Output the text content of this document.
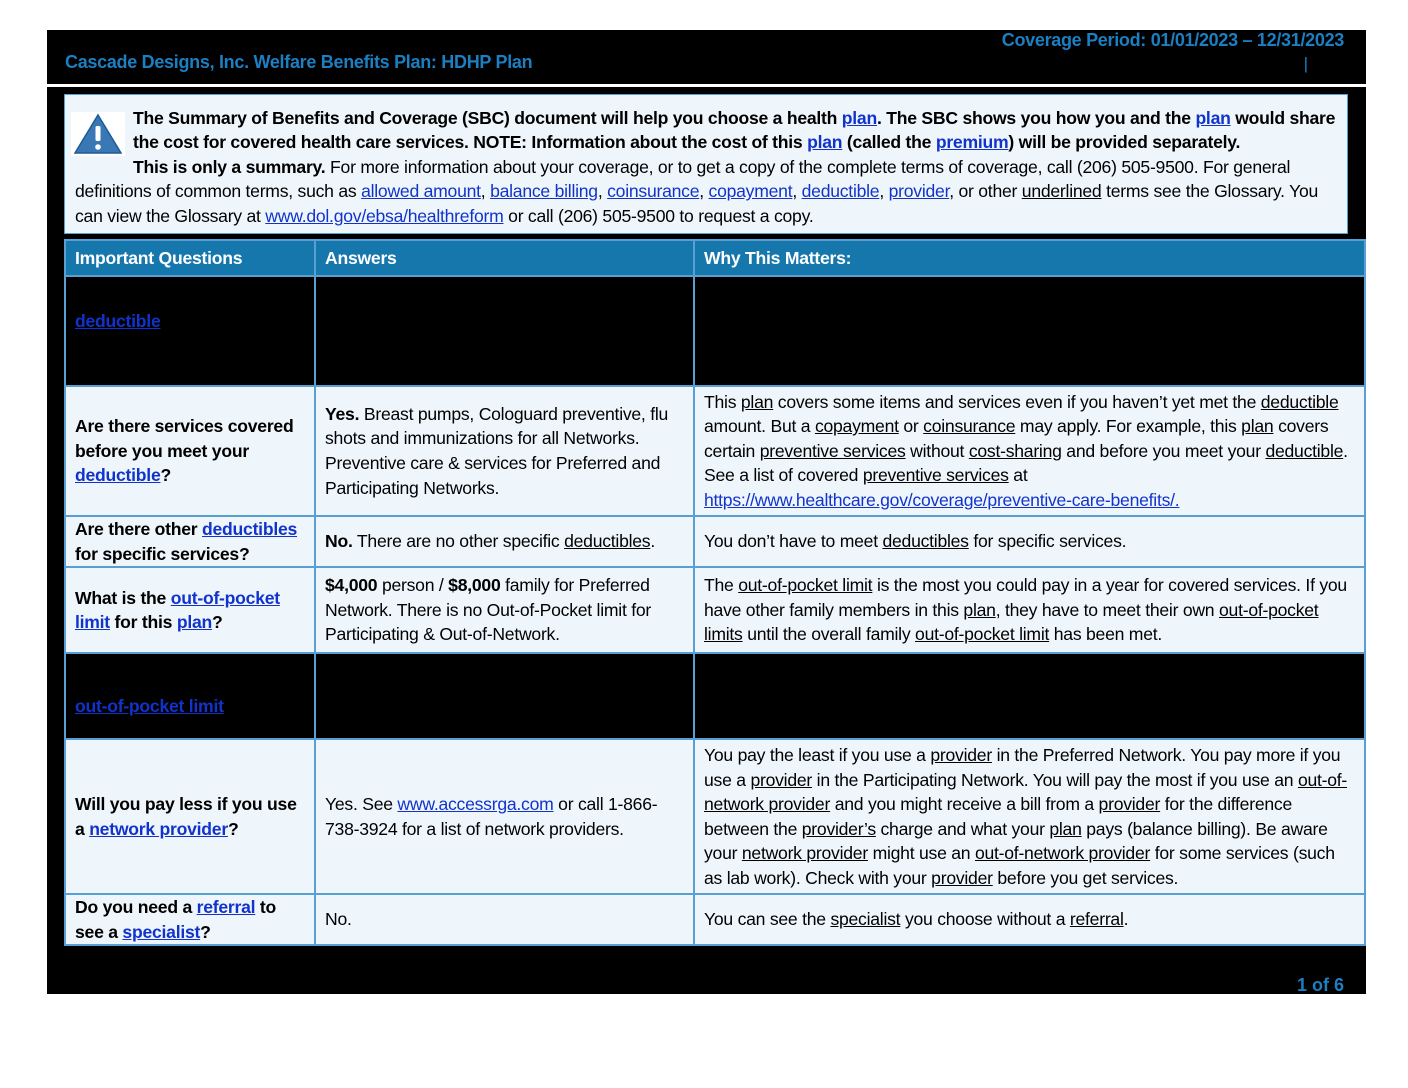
Cascade Designs, Inc. Welfare Benefits Plan: HDHP Plan
Coverage Period: 01/01/2023 – 12/31/2023
|
The Summary of Benefits and Coverage (SBC) document will help you choose a health plan. The SBC shows you how you and the plan would share the cost for covered health care services. NOTE: Information about the cost of this plan (called the premium) will be provided separately.
This is only a summary. For more information about your coverage, or to get a copy of the complete terms of coverage, call (206) 505-9500. For general definitions of common terms, such as allowed amount, balance billing, coinsurance, copayment, deductible, provider, or other underlined terms see the Glossary. You can view the Glossary at www.dol.gov/ebsa/healthreform or call (206) 505-9500 to request a copy.
Important Questions	Answers	Why This Matters:
deductible		
Are there services covered before you meet your deductible?	Yes. Breast pumps, Cologuard preventive, flu shots and immunizations for all Networks. Preventive care & services for Preferred and Participating Networks.	This plan covers some items and services even if you haven’t yet met the deductible amount. But a copayment or coinsurance may apply. For example, this plan covers certain preventive services without cost-sharing and before you meet your deductible. See a list of covered preventive services at https://www.healthcare.gov/coverage/preventive-care-benefits/.
Are there other deductibles for specific services?	No. There are no other specific deductibles.	You don’t have to meet deductibles for specific services.
What is the out-of-pocket limit for this plan?	$4,000 person / $8,000 family for Preferred Network. There is no Out-of-Pocket limit for Participating & Out-of-Network.	The out-of-pocket limit is the most you could pay in a year for covered services. If you have other family members in this plan, they have to meet their own out-of-pocket limits until the overall family out-of-pocket limit has been met.
out-of-pocket limit		
Will you pay less if you use a network provider?	Yes. See www.accessrga.com or call 1-866-738-3924 for a list of network providers.	You pay the least if you use a provider in the Preferred Network. You pay more if you use a provider in the Participating Network. You will pay the most if you use an out-of-network provider and you might receive a bill from a provider for the difference between the provider’s charge and what your plan pays (balance billing). Be aware your network provider might use an out-of-network provider for some services (such as lab work). Check with your provider before you get services.
Do you need a referral to see a specialist?	No.	You can see the specialist you choose without a referral.
1 of 6
